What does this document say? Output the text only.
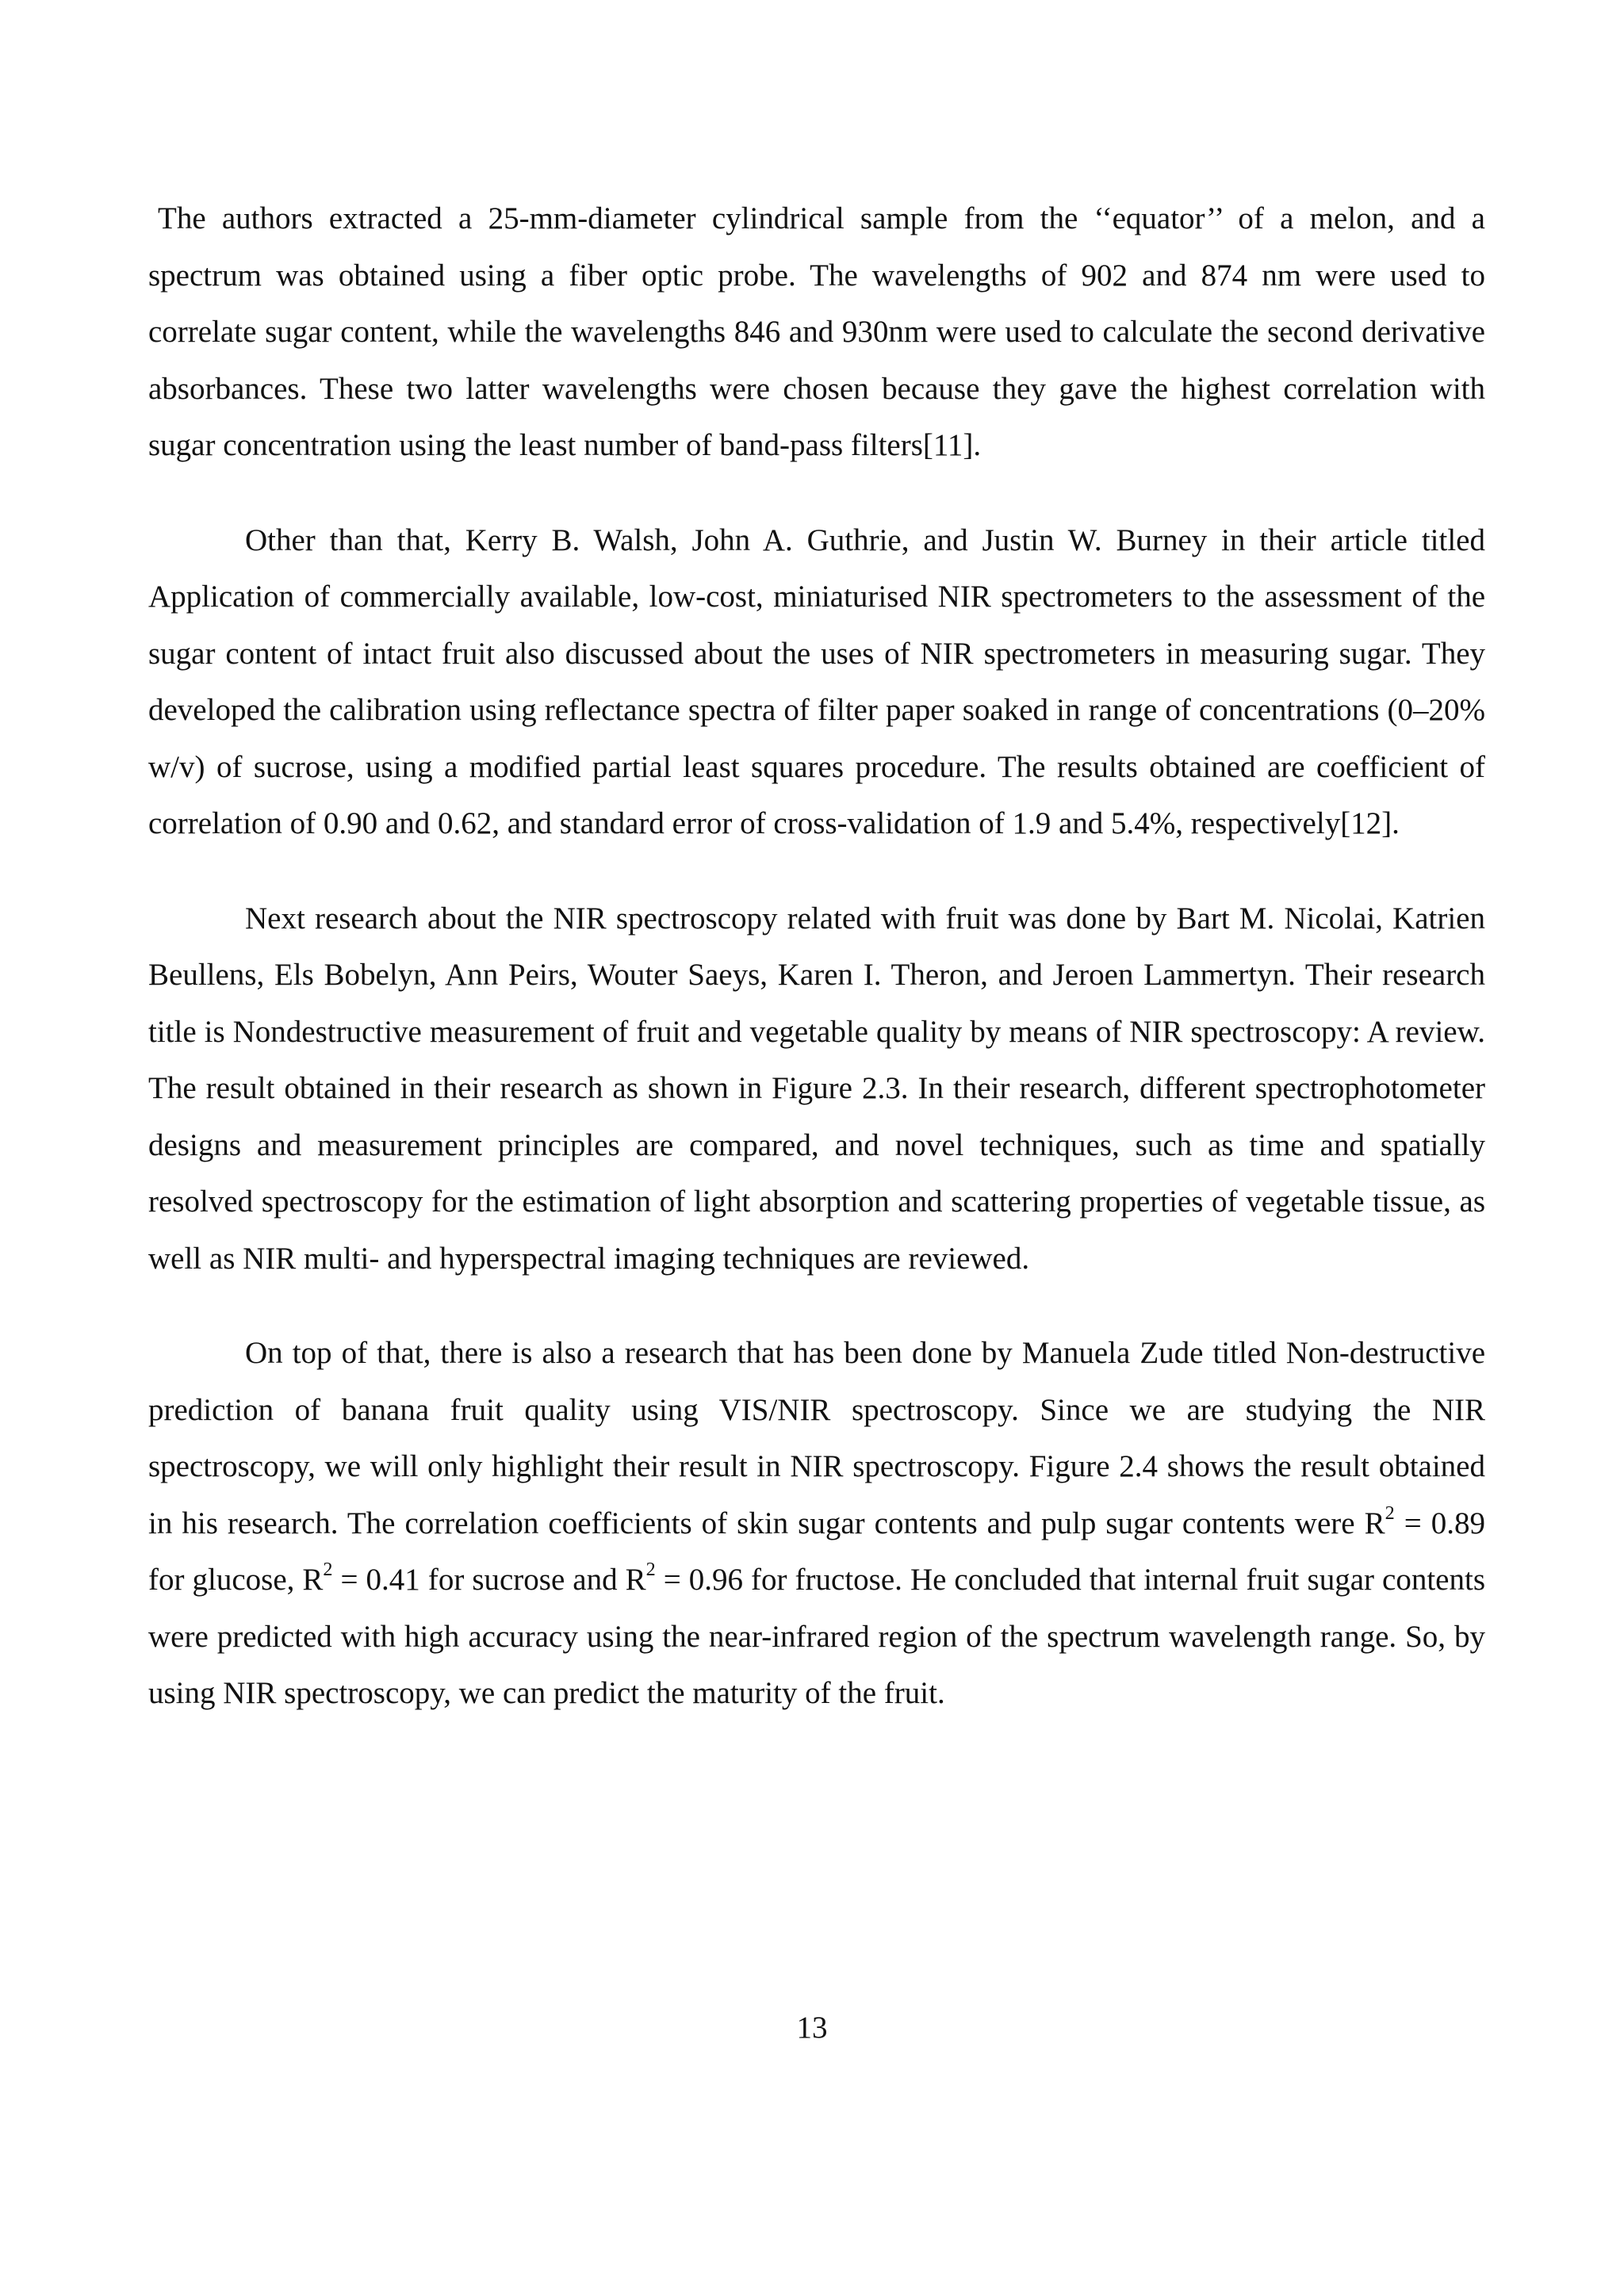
The authors extracted a 25-mm-diameter cylindrical sample from the ‘‘equator’’ of a melon, and a spectrum was obtained using a fiber optic probe. The wavelengths of 902 and 874 nm were used to correlate sugar content, while the wavelengths 846 and 930nm were used to calculate the second derivative absorbances. These two latter wavelengths were chosen because they gave the highest correlation with sugar concentration using the least number of band-pass filters[11].

Other than that, Kerry B. Walsh, John A. Guthrie, and Justin W. Burney in their article titled Application of commercially available, low-cost, miniaturised NIR spectrometers to the assessment of the sugar content of intact fruit also discussed about the uses of NIR spectrometers in measuring sugar. They developed the calibration using reflectance spectra of filter paper soaked in range of concentrations (0–20% w/v) of sucrose, using a modified partial least squares procedure. The results obtained are coefficient of correlation of 0.90 and 0.62, and standard error of cross-validation of 1.9 and 5.4%, respectively[12].

Next research about the NIR spectroscopy related with fruit was done by Bart M. Nicolai, Katrien Beullens, Els Bobelyn, Ann Peirs, Wouter Saeys, Karen I. Theron, and Jeroen Lammertyn. Their research title is Nondestructive measurement of fruit and vegetable quality by means of NIR spectroscopy: A review. The result obtained in their research as shown in Figure 2.3. In their research, different spectrophotometer designs and measurement principles are compared, and novel techniques, such as time and spatially resolved spectroscopy for the estimation of light absorption and scattering properties of vegetable tissue, as well as NIR multi- and hyperspectral imaging techniques are reviewed.

On top of that, there is also a research that has been done by Manuela Zude titled Non-destructive prediction of banana fruit quality using VIS/NIR spectroscopy. Since we are studying the NIR spectroscopy, we will only highlight their result in NIR spectroscopy. Figure 2.4 shows the result obtained in his research. The correlation coefficients of skin sugar contents and pulp sugar contents were $R^2 = 0.89$ for glucose, $R^2 = 0.41$ for sucrose and $R^2 = 0.96$ for fructose. He concluded that internal fruit sugar contents were predicted with high accuracy using the near-infrared region of the spectrum wavelength range. So, by using NIR spectroscopy, we can predict the maturity of the fruit.

13
